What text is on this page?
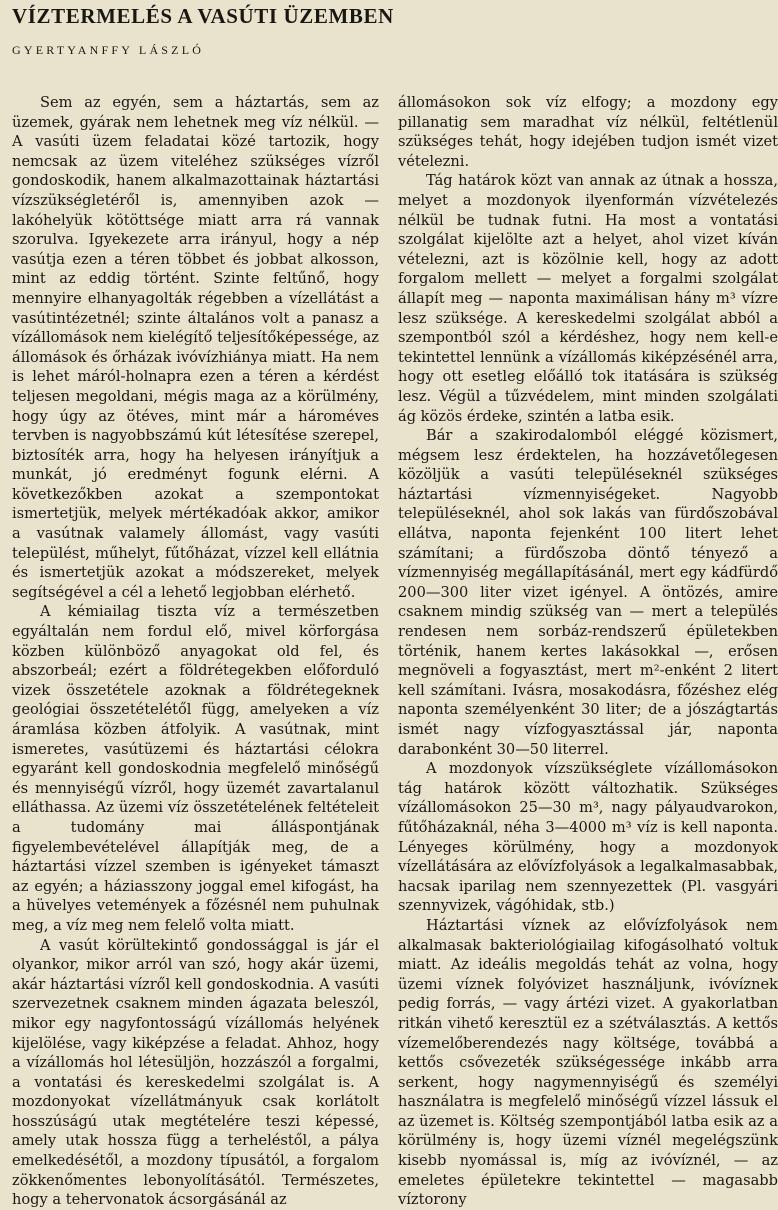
VÍZTERMELÉS A VASÚTI ÜZEMBEN
GYERTYANFFY LÁSZLÓ

Sem az egyén, sem a háztartás, sem az üzemek, gyárak nem lehetnek meg víz nélkül. — A vasúti üzem feladatai közé tartozik, hogy nemcsak az üzem viteléhez szükséges vízről gondoskodik, hanem alkalmazottainak háztartási vízszükségletéről is, amennyiben azok — lakóhelyük kötöttsége miatt arra rá vannak szorulva. Igyekezete arra irányul, hogy a nép vasútja ezen a téren többet és jobbat alkosson, mint az eddig történt. Szinte feltűnő, hogy mennyire elhanyagolták régebben a vízellátást a vasútintézetnél; szinte általános volt a panasz a vízállomások nem kielégítő teljesítőképessége, az állomások és őrházak ivóvízhiánya miatt. Ha nem is lehet máról-holnapra ezen a téren a kérdést teljesen megoldani, mégis maga az a körülmény, hogy úgy az ötéves, mint már a hároméves tervben is nagyobbszámú kút létesítése szerepel, biztosíték arra, hogy ha helyesen irányítjuk a munkát, jó eredményt fogunk elérni. A következőkben azokat a szempontokat ismertetjük, melyek mértékadóak akkor, amikor a vasútnak valamely állomást, vagy vasúti települést, műhelyt, fűtőházat, vízzel kell ellátnia és ismertetjük azokat a módszereket, melyek segítségével a cél a lehető legjobban elérhető.

A kémiailag tiszta víz a természetben egyáltalán nem fordul elő, mivel körforgása közben különböző anyagokat old fel, és abszorbeál; ezért a földrétegekben előforduló vizek összetétele azoknak a földrétegeknek geológiai összetételétől függ, amelyeken a víz áramlása közben átfolyik. A vasútnak, mint ismeretes, vasútüzemi és háztartási célokra egyaránt kell gondoskodnia megfelelő minőségű és mennyiségű vízről, hogy üzemét zavartalanul elláthassa. Az üzemi víz összetételének feltételeit a tudomány mai álláspontjának figyelembevételével állapítják meg, de a háztartási vízzel szemben is igényeket támaszt az egyén; a háziasszony joggal emel kifogást, ha a hüvelyes vetemények a főzésnél nem puhulnak meg, a víz meg nem felelő volta miatt.

A vasút körültekintő gondossággal is jár el olyankor, mikor arról van szó, hogy akár üzemi, akár háztartási vízről kell gondoskodnia. A vasúti szervezetnek csaknem minden ágazata beleszól, mikor egy nagyfontosságú vízállomás helyének kijelölése, vagy kiképzése a feladat. Ahhoz, hogy a vízállomás hol létesüljön, hozzászól a forgalmi, a vontatási és kereskedelmi szolgálat is. A mozdonyokat vízellátmányuk csak korlátolt hosszúságú utak megtételére teszi képessé, amely utak hossza függ a terheléstől, a pálya emelkedésétől, a mozdony típusától, a forgalom zökkenőmentes lebonyolításától. Természetes, hogy a tehervonatok ácsorgásánál az

állomásokon sok víz elfogy; a mozdony egy pillanatig sem maradhat víz nélkül, feltétlenül szükséges tehát, hogy idejében tudjon ismét vizet vételezni.

Tág határok közt van annak az útnak a hossza, melyet a mozdonyok ilyenformán vízvételezés nélkül be tudnak futni. Ha most a vontatási szolgálat kijelölte azt a helyet, ahol vizet kíván vételezni, azt is közölnie kell, hogy az adott forgalom mellett — melyet a forgalmi szolgálat állapít meg — naponta maximálisan hány m³ vízre lesz szüksége. A kereskedelmi szolgálat abból a szempontból szól a kérdéshez, hogy nem kell-e tekintettel lennünk a vízállomás kiképzésénél arra, hogy ott esetleg előálló tok itatására is szükség lesz. Végül a tűzvédelem, mint minden szolgálati ág közös érdeke, szintén a latba esik.

Bár a szakirodalomból eléggé közismert, mégsem lesz érdektelen, ha hozzávetőlegesen közöljük a vasúti településeknél szükséges háztartási vízmennyiségeket. Nagyobb településeknél, ahol sok lakás van fürdőszobával ellátva, naponta fejenként 100 litert lehet számítani; a fürdőszoba döntő tényező a vízmennyiség megállapításánál, mert egy kádfürdő 200—300 liter vizet igényel. A öntözés, amire csaknem mindig szükség van — mert a település rendesen nem sorbáz-rendszerű épületekben történik, hanem kertes lakásokkal —, erősen megnöveli a fogyasztást, mert m²-enként 2 litert kell számítani. Ivásra, mosakodásra, főzéshez elég naponta személyenként 30 liter; de a jószágtartás ismét nagy vízfogyasztással jár, naponta darabonként 30—50 literrel.

A mozdonyok vízszükséglete vízállomásokon tág határok között változhatik. Szükséges vízállomásokon 25—30 m³, nagy pályaudvarokon, fűtőházaknál, néha 3—4000 m³ víz is kell naponta. Lényeges körülmény, hogy a mozdonyok vízellátására az elővízfolyások a legalkalmasabbak, hacsak iparilag nem szennyezettek (Pl. vasgyári szennyvizek, vágóhidak, stb.)

Háztartási víznek az elővízfolyások nem alkalmasak bakteriológiailag kifogásolható voltuk miatt. Az ideális megoldás tehát az volna, hogy üzemi víznek folyóvizet használjunk, ivóvíznek pedig forrás, — vagy ártézi vizet. A gyakorlatban ritkán vihető keresztül ez a szétválasztás. A kettős vízemelőberendezés nagy költsége, továbbá a kettős csővezeték szükségessége inkább arra serkent, hogy nagymennyiségű és személyi használatra is megfelelő minőségű vízzel lássuk el az üzemet is. Költség szempontjából latba esik az a körülmény is, hogy üzemi víznél megelégszünk kisebb nyomással is, míg az ivóvíznél, — az emeletes épületekre tekintettel — magasabb víztorony
